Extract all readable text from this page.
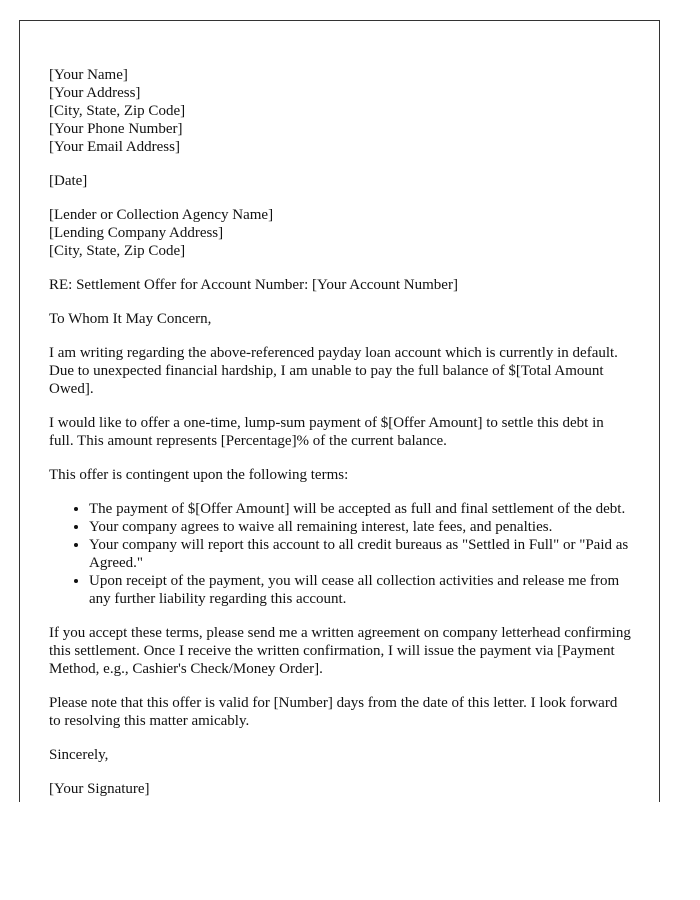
[Your Name]
[Your Address]
[City, State, Zip Code]
[Your Phone Number]
[Your Email Address]

[Date]

[Lender or Collection Agency Name]
[Lending Company Address]
[City, State, Zip Code]

RE: Settlement Offer for Account Number: [Your Account Number]

To Whom It May Concern,

I am writing regarding the above-referenced payday loan account which is currently in default. Due to unexpected financial hardship, I am unable to pay the full balance of $[Total Amount Owed].

I would like to offer a one-time, lump-sum payment of $[Offer Amount] to settle this debt in full. This amount represents [Percentage]% of the current balance.

This offer is contingent upon the following terms:

• The payment of $[Offer Amount] will be accepted as full and final settlement of the debt.
• Your company agrees to waive all remaining interest, late fees, and penalties.
• Your company will report this account to all credit bureaus as "Settled in Full" or "Paid as Agreed."
• Upon receipt of the payment, you will cease all collection activities and release me from any further liability regarding this account.

If you accept these terms, please send me a written agreement on company letterhead confirming this settlement. Once I receive the written confirmation, I will issue the payment via [Payment Method, e.g., Cashier's Check/Money Order].

Please note that this offer is valid for [Number] days from the date of this letter. I look forward to resolving this matter amicably.

Sincerely,

[Your Signature]
